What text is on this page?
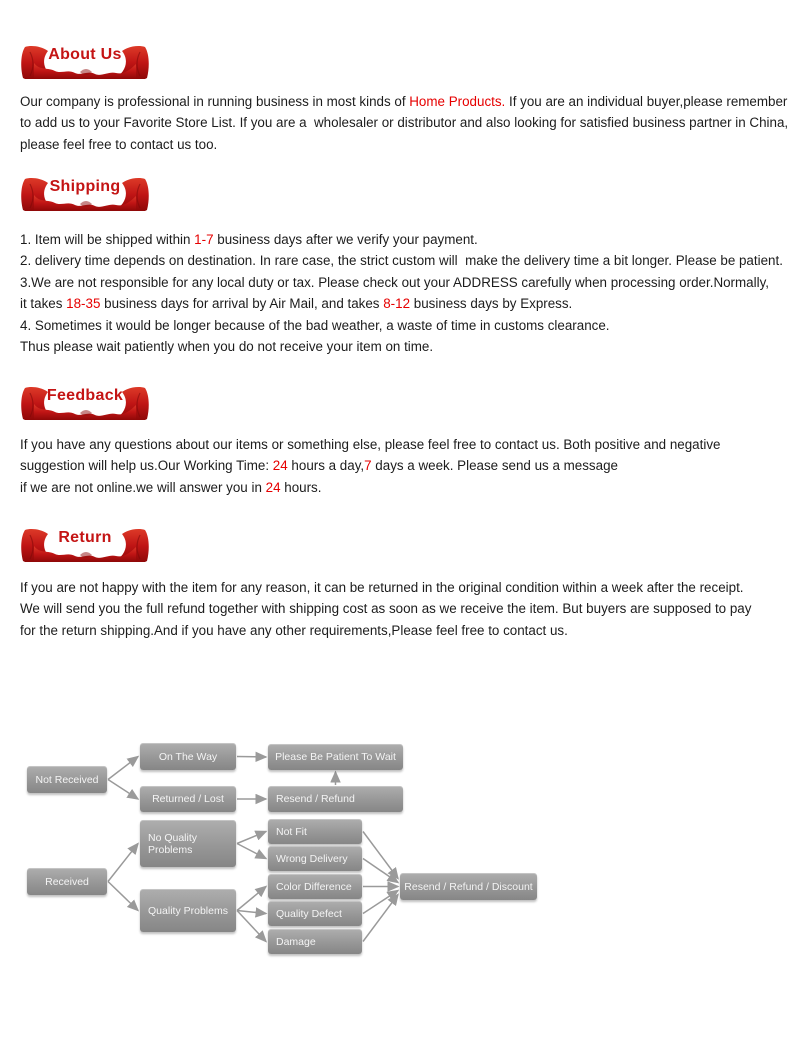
About Us
Our company is professional in running business in most kinds of Home Products. If you are an individual buyer,please remember
to add us to your Favorite Store List. If you are a  wholesaler or distributor and also looking for satisfied business partner in China,
please feel free to contact us too.
Shipping
1. Item will be shipped within 1-7 business days after we verify your payment.
2. delivery time depends on destination. In rare case, the strict custom will  make the delivery time a bit longer. Please be patient.
3.We are not responsible for any local duty or tax. Please check out your ADDRESS carefully when processing order.Normally,
it takes 18-35 business days for arrival by Air Mail, and takes 8-12 business days by Express.
4. Sometimes it would be longer because of the bad weather, a waste of time in customs clearance.
Thus please wait patiently when you do not receive your item on time.
Feedback
If you have any questions about our items or something else, please feel free to contact us. Both positive and negative
suggestion will help us.Our Working Time: 24 hours a day,7 days a week. Please send us a message
if we are not online.we will answer you in 24 hours.
Return
If you are not happy with the item for any reason, it can be returned in the original condition within a week after the receipt.
We will send you the full refund together with shipping cost as soon as we receive the item. But buyers are supposed to pay
for the return shipping.And if you have any other requirements,Please feel free to contact us.
Not Received
On The Way
Returned / Lost
Please Be Patient To Wait
Resend / Refund
Received
No Quality Problems
Quality Problems
Not Fit
Wrong Delivery
Color Difference
Quality Defect
Damage
Resend / Refund / Discount
